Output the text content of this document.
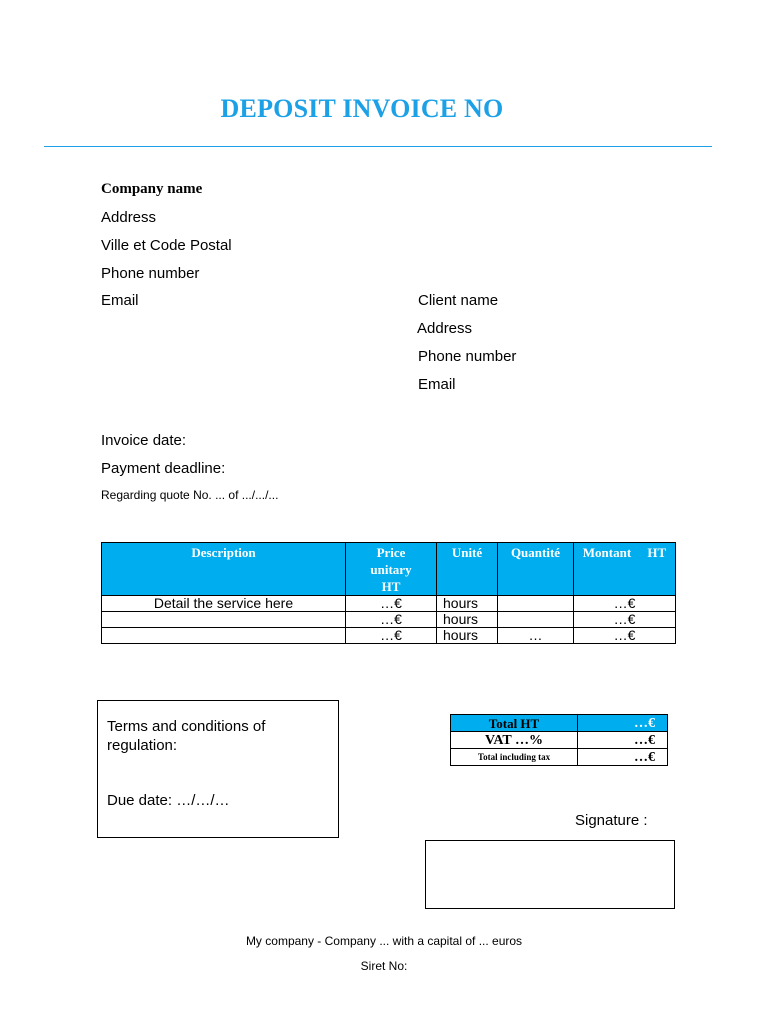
DEPOSIT INVOICE NO
Company name
Address
Ville et Code Postal
Phone number
Email	Client name
Address
Phone number
Email
Invoice date:
Payment deadline:
Regarding quote No. ... of .../.../...
Description	Price unitary HT	Unité	Quantité	Montant     HT
Detail the service here	…€	hours		…€
	…€	hours		…€
	…€	hours	…	…€
Terms and conditions of regulation:
Due date: …/…/…
Total HT	…€
VAT …%	…€
Total including tax	…€
Signature :
My company - Company ... with a capital of ... euros
Siret No:
